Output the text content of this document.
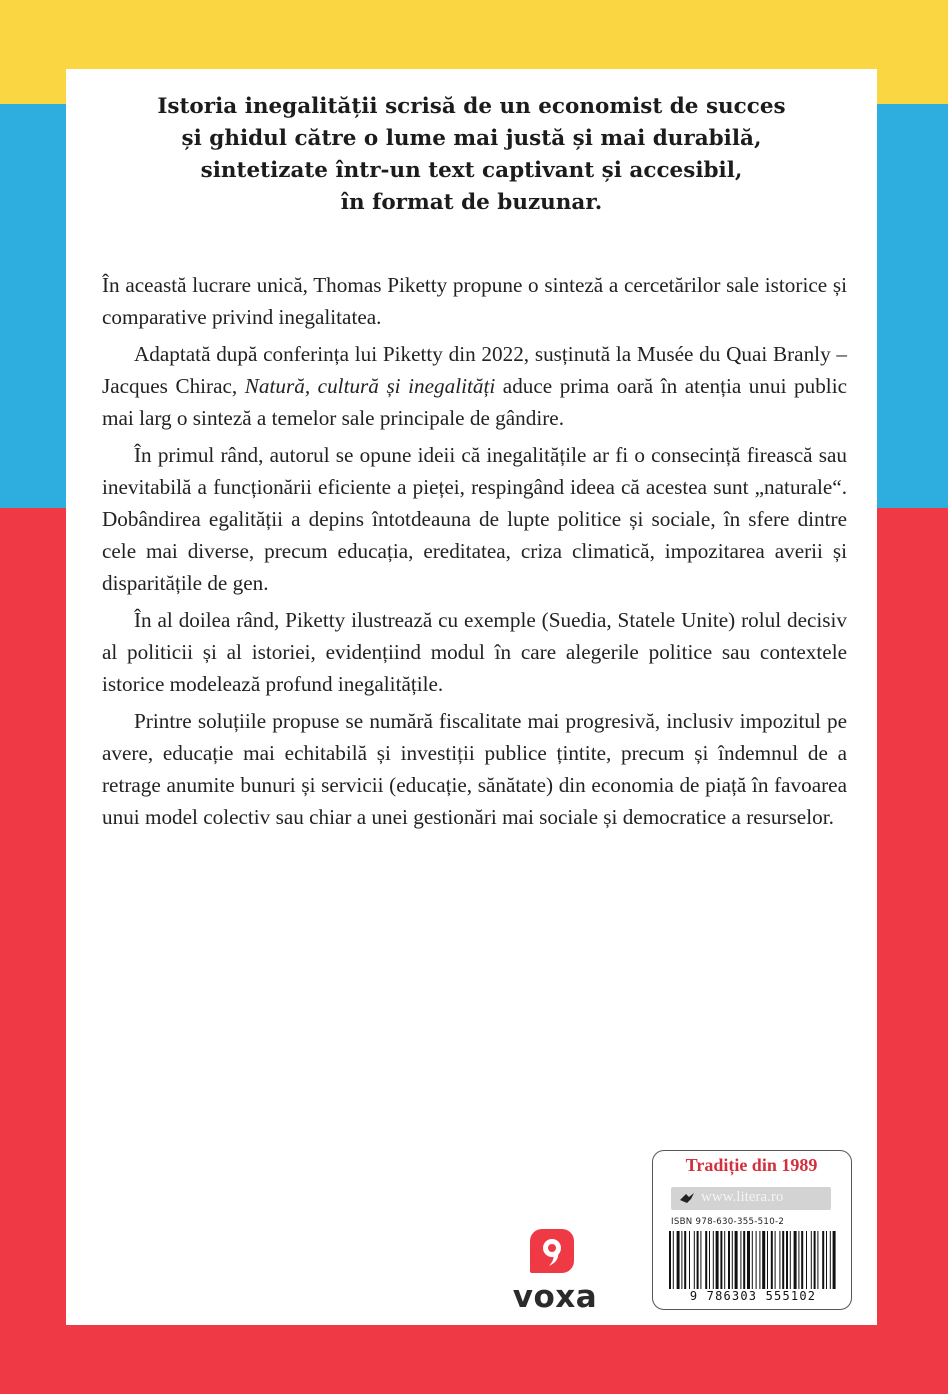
Istoria inegalității scrisă de un economist de succes
și ghidul către o lume mai justă și mai durabilă,
sintetizate într-un text captivant și accesibil,
în format de buzunar.

În această lucrare unică, Thomas Piketty propune o sinteză a cercetărilor sale istorice și comparative privind inegalitatea.

Adaptată după conferința lui Piketty din 2022, susținută la Musée du Quai Branly – Jacques Chirac, Natură, cultură și inegalități aduce prima oară în atenția unui public mai larg o sinteză a temelor sale principale de gândire.

În primul rând, autorul se opune ideii că inegalitățile ar fi o consecință firească sau inevitabilă a funcționării eficiente a pieței, respingând ideea că acestea sunt „naturale“. Dobândirea egalității a depins întotdeauna de lupte politice și sociale, în sfere dintre cele mai diverse, precum educația, ereditatea, criza climatică, impozitarea averii și disparitățile de gen.

În al doilea rând, Piketty ilustrează cu exemple (Suedia, Statele Unite) rolul decisiv al politicii și al istoriei, evidențiind modul în care alegerile politice sau contextele istorice modelează profund inegalitățile.

Printre soluțiile propuse se numără fiscalitate mai progresivă, inclusiv impozitul pe avere, educație mai echitabilă și investiții publice țintite, precum și îndemnul de a retrage anumite bunuri și servicii (educație, sănătate) din economia de piață în favoarea unui model colectiv sau chiar a unei gestionări mai sociale și democratice a resurselor.

voxa
Tradiție din 1989
www.litera.ro
ISBN 978-630-355-510-2
9 786303 555102
